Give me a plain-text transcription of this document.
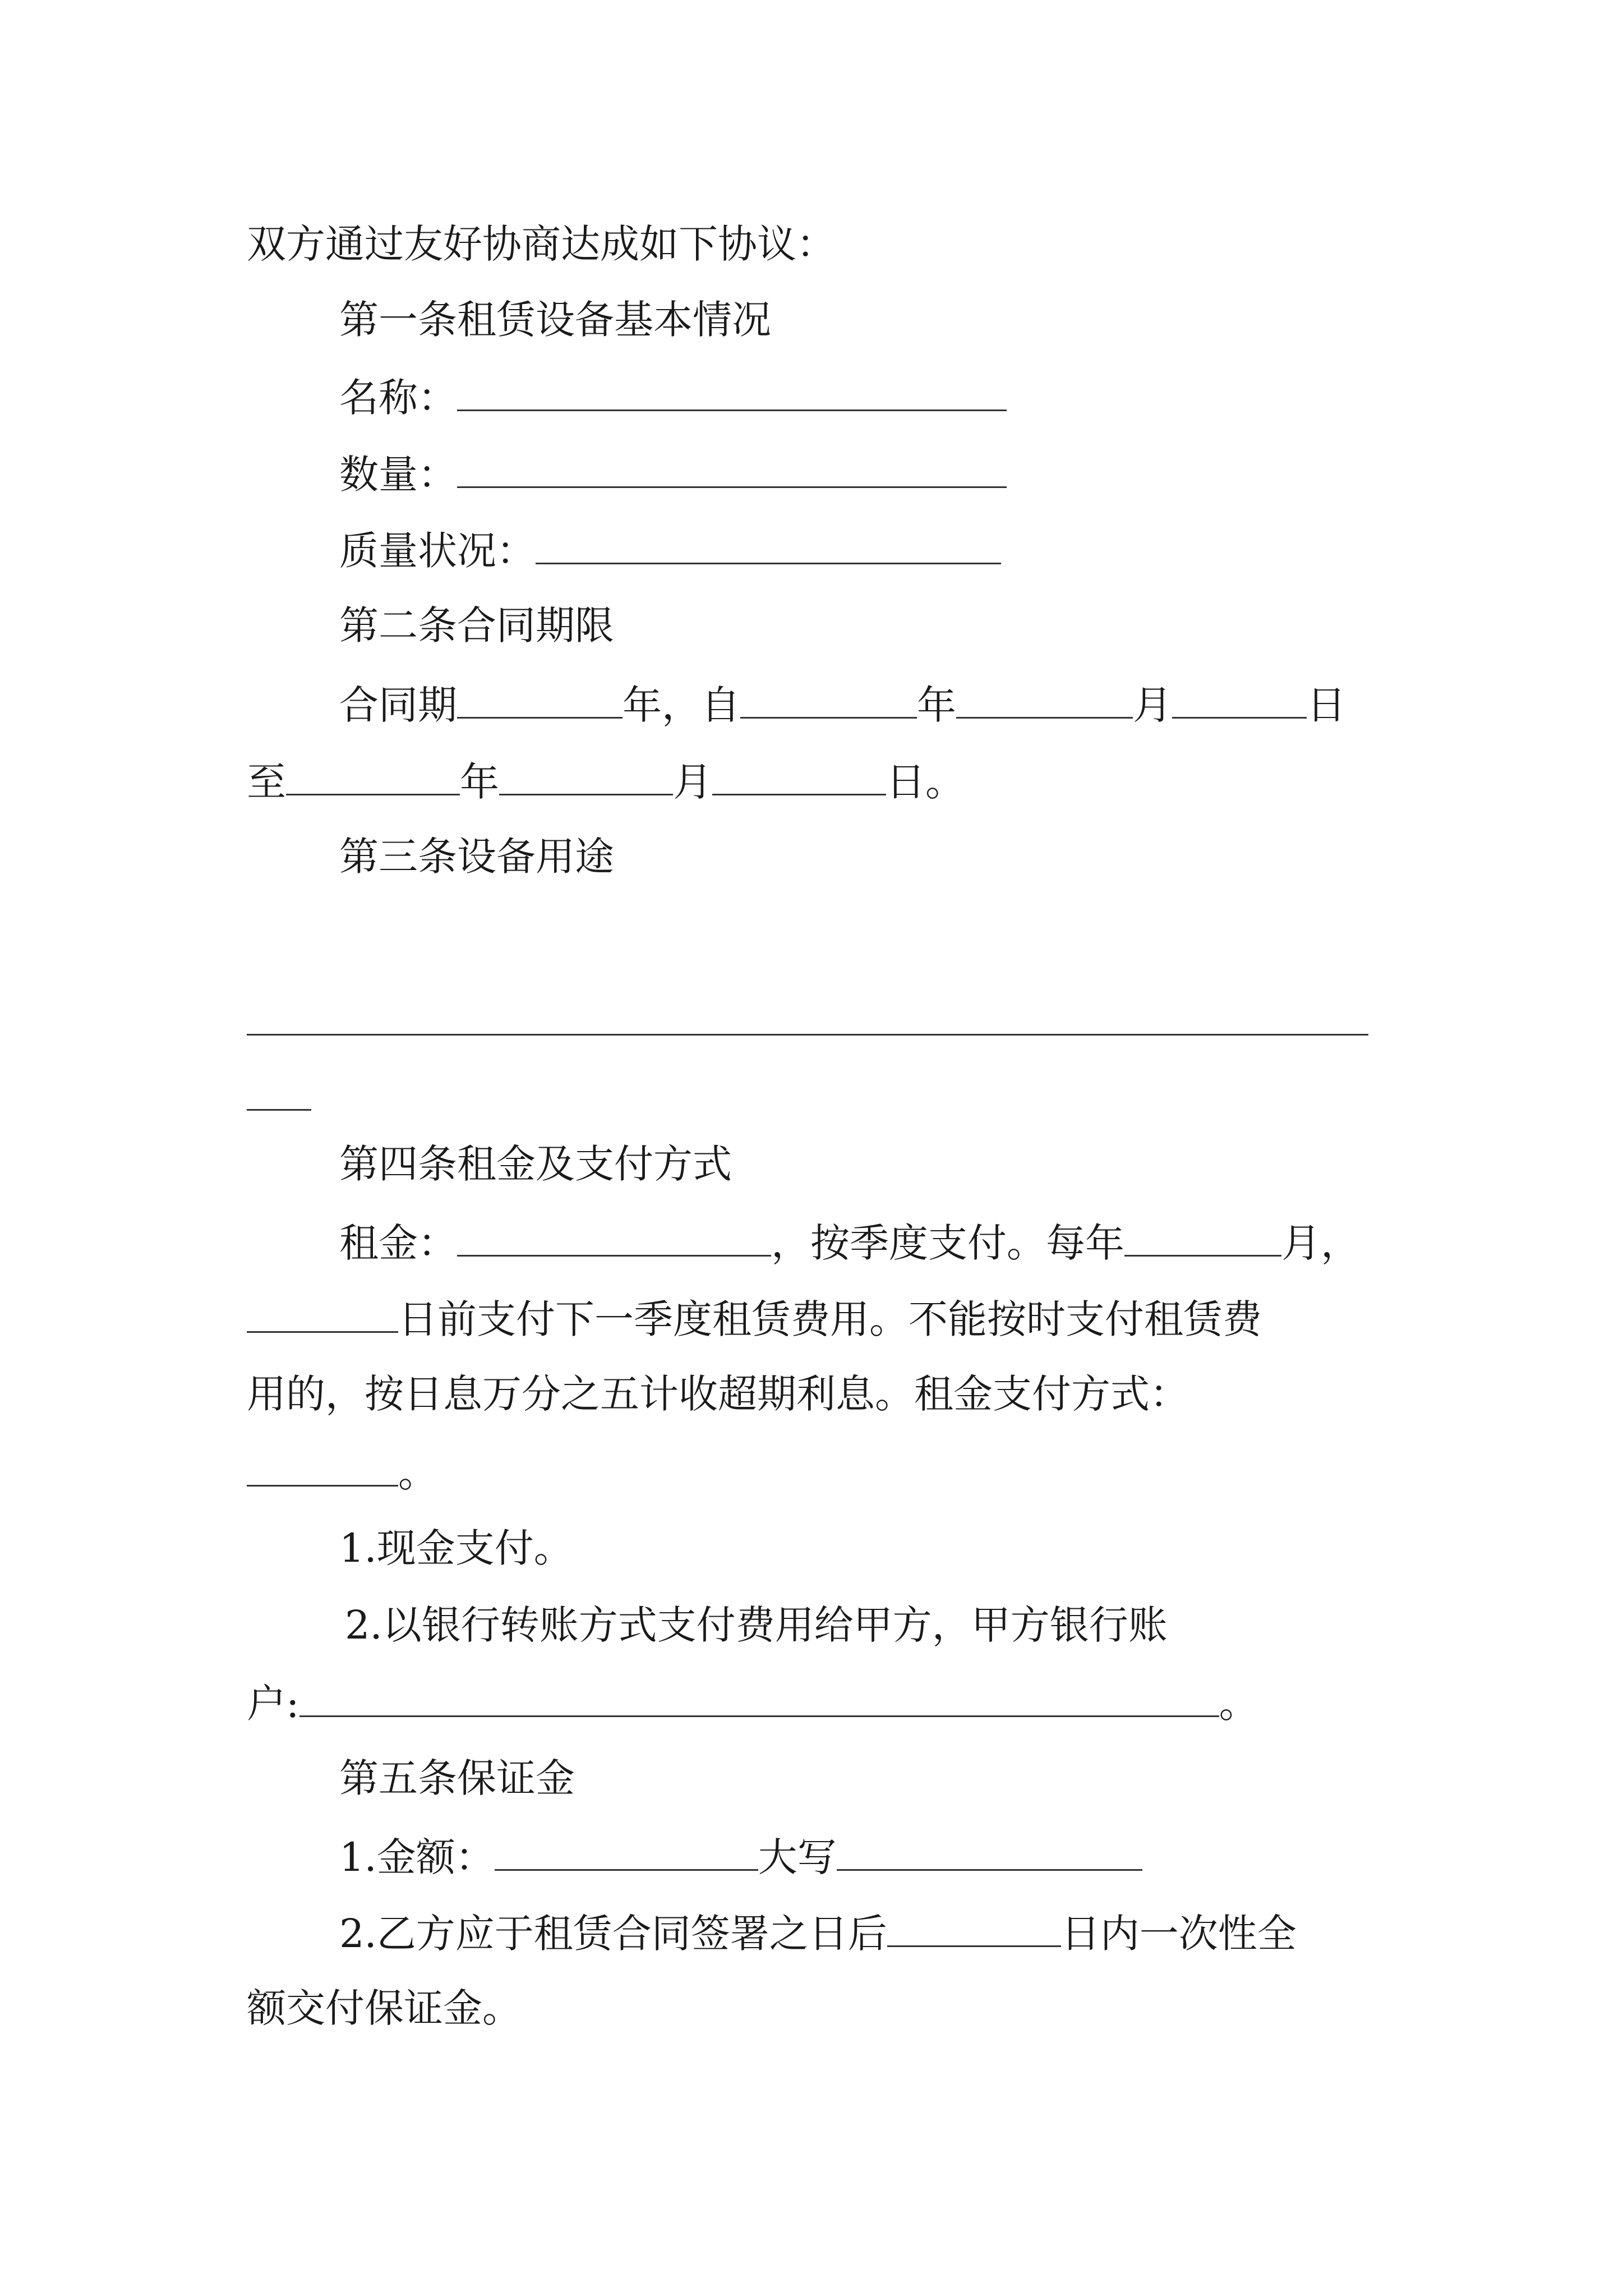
双方通过友好协商达成如下协议：
第一条租赁设备基本情况
名称：
数量：
质量状况：
第二条合同期限
合同期	年，自	年	月	日
至	年	月	日。
第三条设备用途
第四条租金及支付方式
租金：	，按季度支付。每年	月，
日前支付下一季度租赁费用。不能按时支付租赁费
用的，按日息万分之五计收超期利息。租金支付方式：
。
1.现金支付。
2.以银行转账方式支付费用给甲方，甲方银行账
户:	。
第五条保证金
1.金额：	大写
2.乙方应于租赁合同签署之日后	日内一次性全
额交付保证金。
